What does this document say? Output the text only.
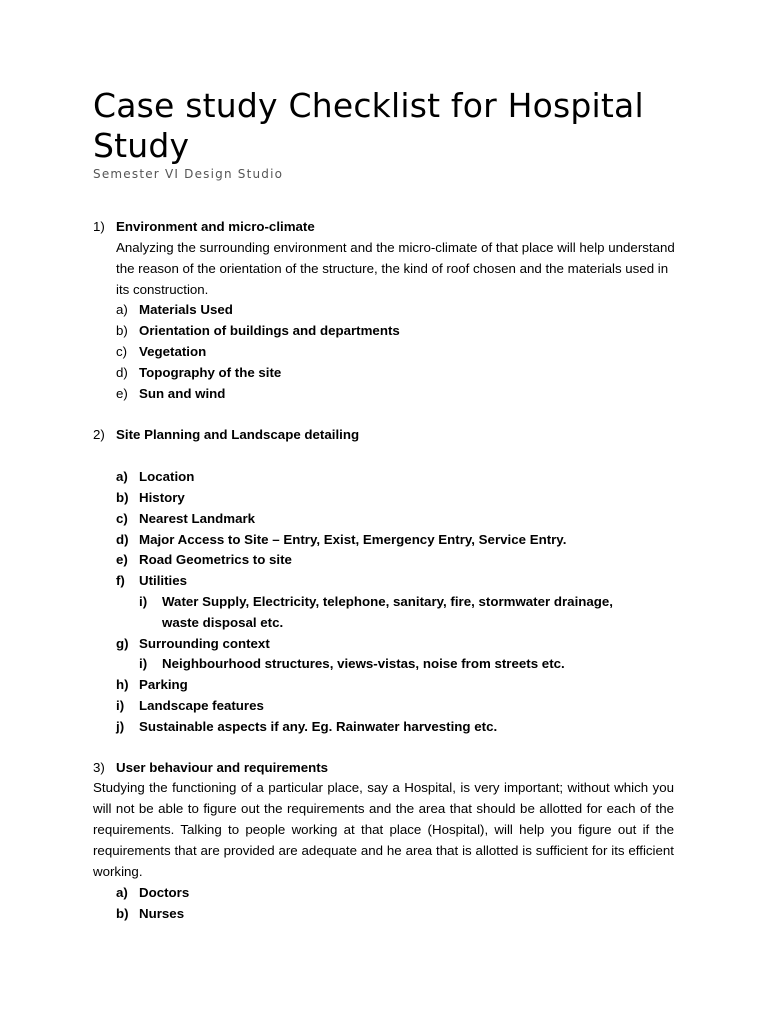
Case study Checklist for Hospital Study

Semester VI Design Studio

1) Environment and micro-climate
Analyzing the surrounding environment and the micro-climate of that place will help understand the reason of the orientation of the structure, the kind of roof chosen and the materials used in its construction.
a) Materials Used
b) Orientation of buildings and departments
c) Vegetation
d) Topography of the site
e) Sun and wind
2) Site Planning and Landscape detailing
a) Location
b) History
c) Nearest Landmark
d) Major Access to Site – Entry, Exist, Emergency Entry, Service Entry.
e) Road Geometrics to site
f) Utilities
i) Water Supply, Electricity, telephone, sanitary, fire, stormwater drainage,
waste disposal etc.
g) Surrounding context
i) Neighbourhood structures, views-vistas, noise from streets etc.
h) Parking
i) Landscape features
j) Sustainable aspects if any. Eg. Rainwater harvesting etc.
3) User behaviour and requirements
Studying the functioning of a particular place, say a Hospital, is very important; without which you will not be able to figure out the requirements and the area that should be allotted for each of the requirements. Talking to people working at that place (Hospital), will help you figure out if the requirements that are provided are adequate and he area that is allotted is sufficient for its efficient working.
a) Doctors
b) Nurses
